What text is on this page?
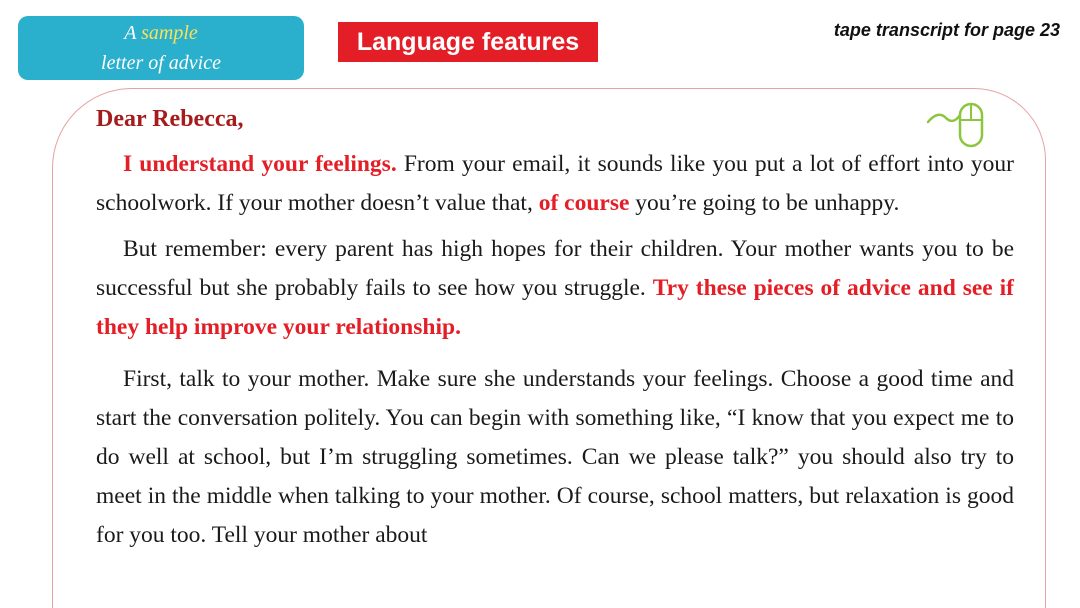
A sample
letter of advice
Language features	tape transcript for page 23
Dear Rebecca,

I understand your feelings. From your email, it sounds like you put a lot of effort into your schoolwork. If your mother doesn’t value that, of course you’re going to be unhappy.

But remember: every parent has high hopes for their children. Your mother wants you to be successful but she probably fails to see how you struggle. Try these pieces of advice and see if they help improve your relationship.

First, talk to your mother. Make sure she understands your feelings. Choose a good time and start the conversation politely. You can begin with something like, “I know that you expect me to do well at school, but I’m struggling sometimes. Can we please talk?” you should also try to meet in the middle when talking to your mother. Of course, school matters, but relaxation is good for you too. Tell your mother about
